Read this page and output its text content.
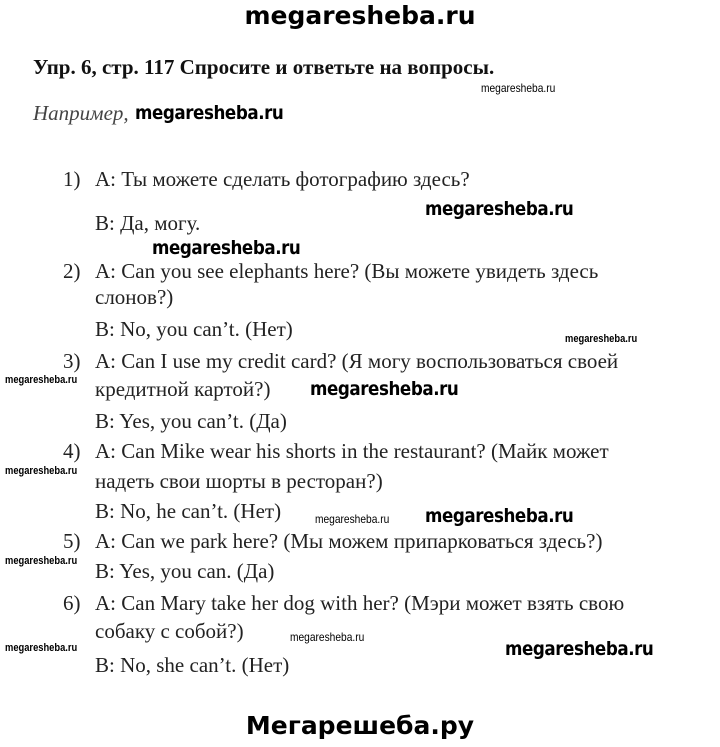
megaresheba.ru
Упр. 6, стр. 117 Спросите и ответьте на вопросы.
megaresheba.ru
Например, megaresheba.ru
1) A: Ты можете сделать фотографию здесь?
megaresheba.ru
B: Да, могу.
megaresheba.ru
2) A: Can you see elephants here? (Вы можете увидеть здесь
слонов?)
B: No, you can’t. (Нет)	megaresheba.ru
3) A: Can I use my credit card? (Я могу воспользоваться своей
megaresheba.ru кредитной картой?) megaresheba.ru
B: Yes, you can’t. (Да)
4) A: Can Mike wear his shorts in the restaurant? (Майк может
megaresheba.ru надеть свои шорты в ресторан?)
B: No, he can’t. (Нет)	megaresheba.ru megaresheba.ru
5) A: Can we park here? (Мы можем припарковаться здесь?)
megaresheba.ru B: Yes, you can. (Да)
6) A: Can Mary take her dog with her? (Мэри может взять свою
собаку с собой?)
megaresheba.ru
megaresheba.ru
megaresheba.ru
B: No, she can’t. (Нет)
Мегарешеба.ру
